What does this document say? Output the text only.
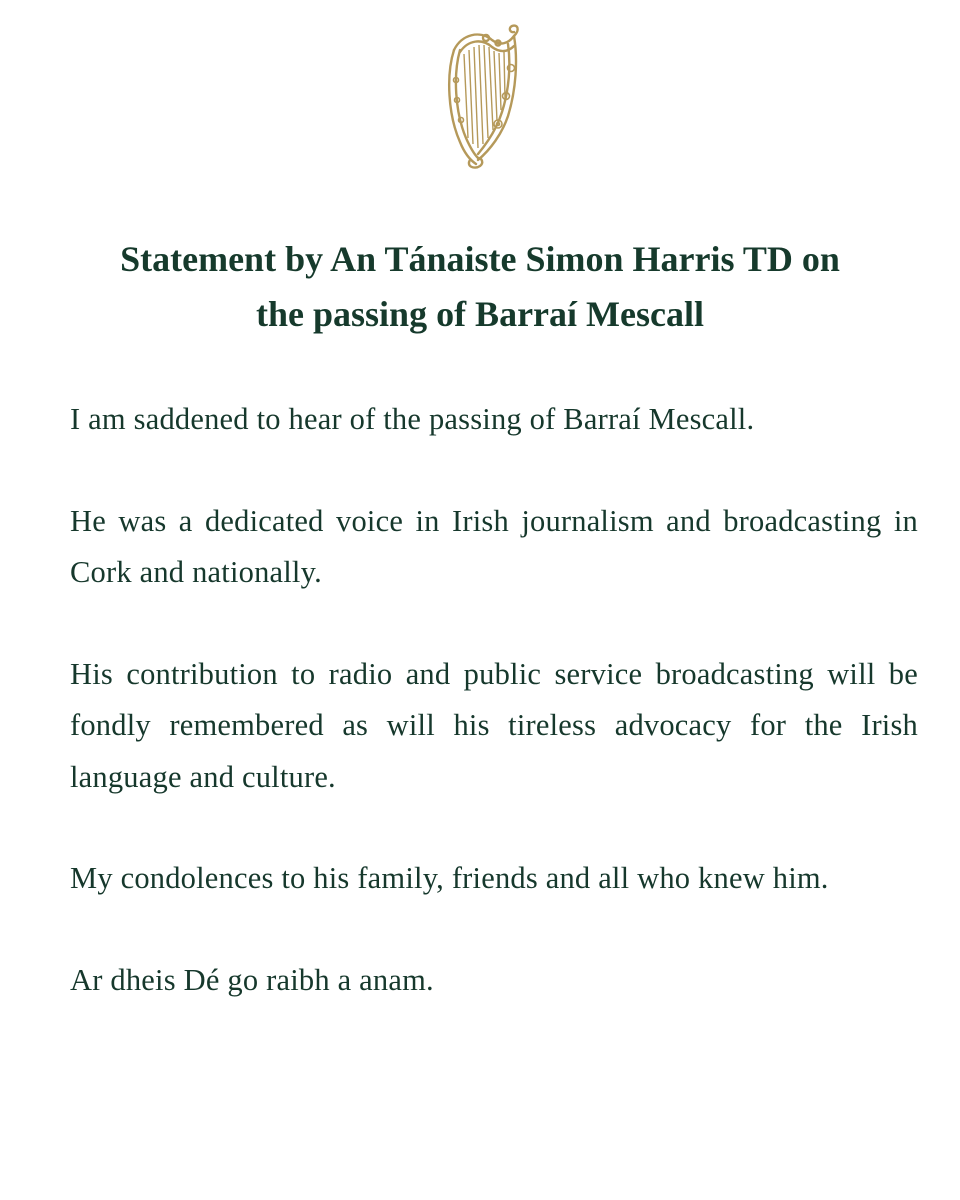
Statement by An Tánaiste Simon Harris TD on
the passing of Barraí Mescall

I am saddened to hear of the passing of Barraí Mescall.

He was a dedicated voice in Irish journalism and broadcasting in Cork and nationally.

His contribution to radio and public service broadcasting will be fondly remembered as will his tireless advocacy for the Irish language and culture.

My condolences to his family, friends and all who knew him.

Ar dheis Dé go raibh a anam.
